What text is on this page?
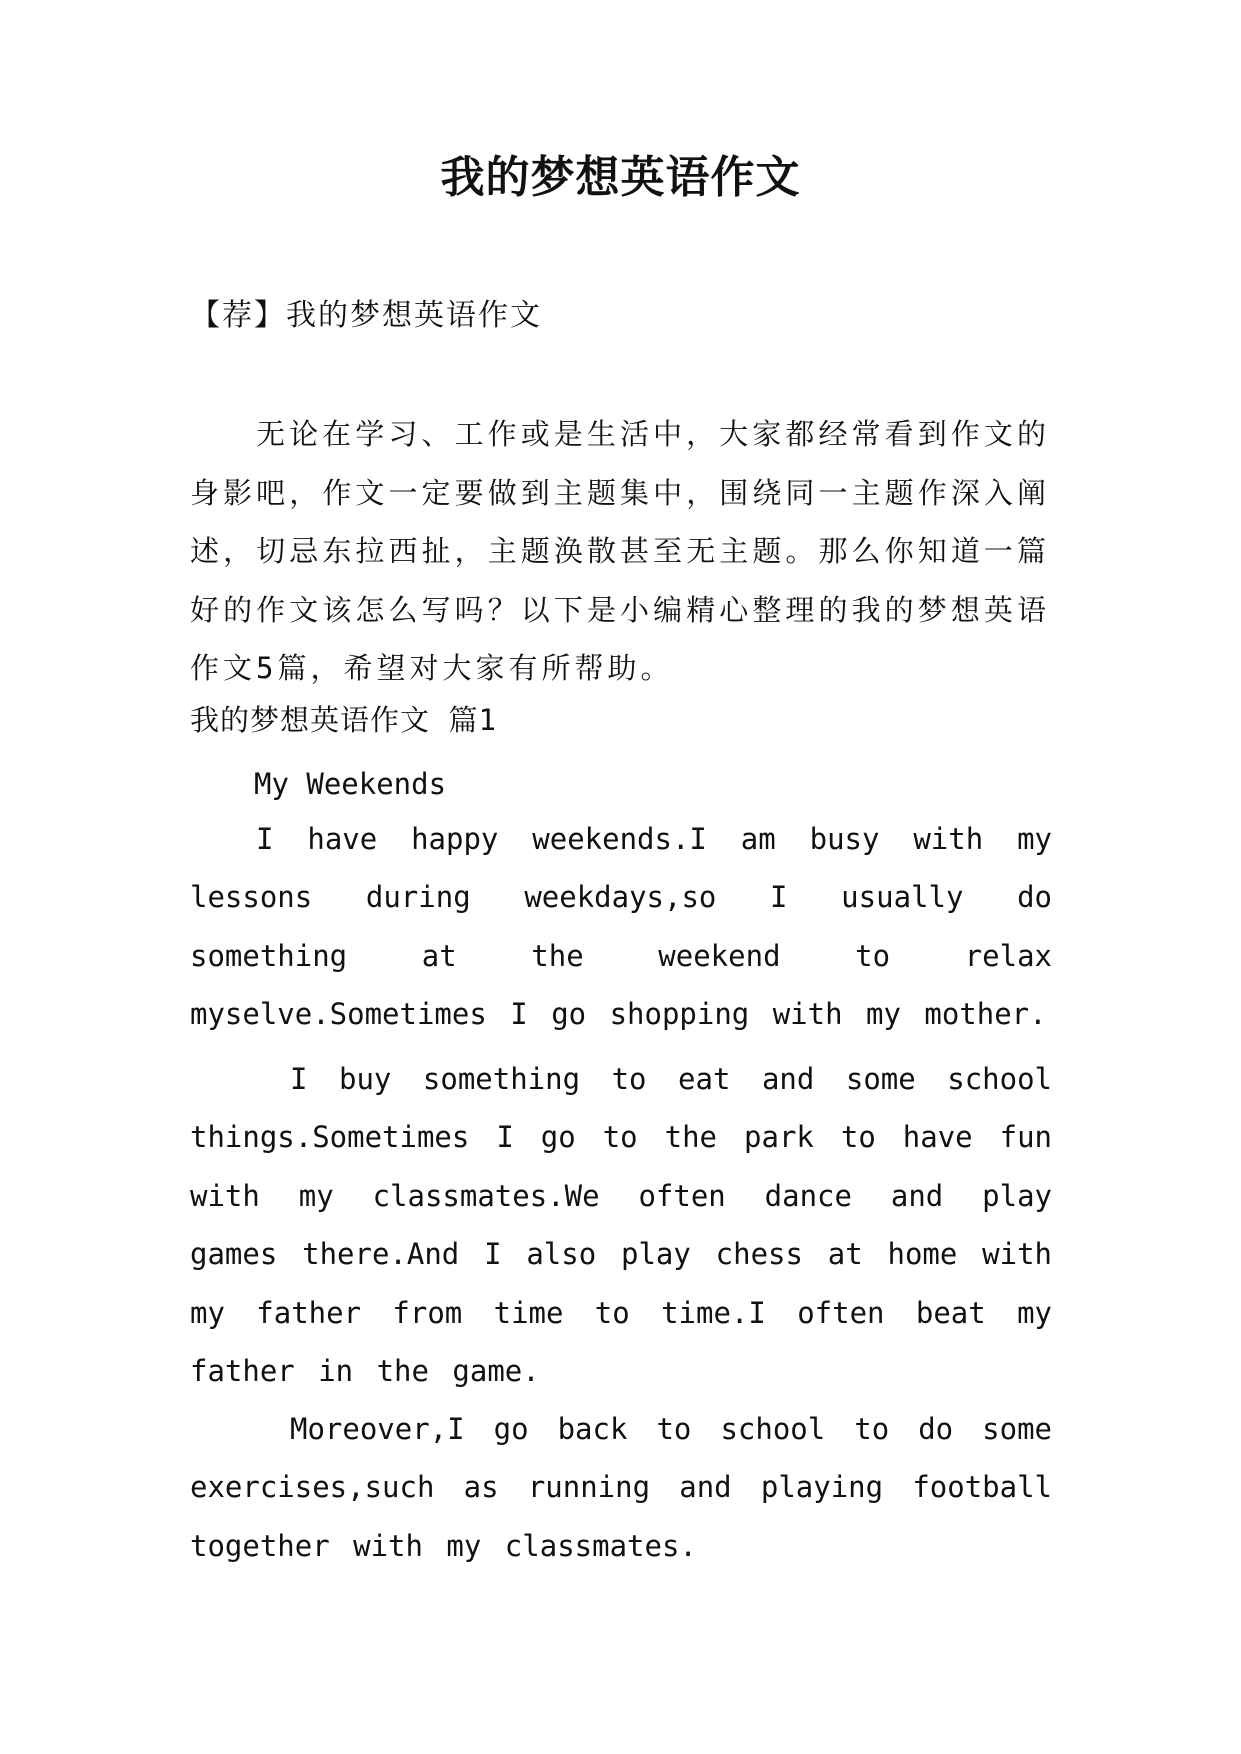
我的梦想英语作文
【荐】我的梦想英语作文

无论在学习、工作或是生活中，大家都经常看到作文的身影吧，作文一定要做到主题集中，围绕同一主题作深入阐述，切忌东拉西扯，主题涣散甚至无主题。那么你知道一篇好的作文该怎么写吗？以下是小编精心整理的我的梦想英语作文5篇，希望对大家有所帮助。

我的梦想英语作文 篇1
My Weekends

I have happy weekends.I am busy with my lessons during weekdays,so I usually do something at the weekend to relax myselve.Sometimes I go shopping with my mother.

I buy something to eat and some school things.Sometimes I go to the park to have fun with my classmates.We often dance and play games there.And I also play chess at home with my father from time to time.I often beat my father in the game.

Moreover,I go back to school to do some exercises,such as running and playing football together with my classmates.
